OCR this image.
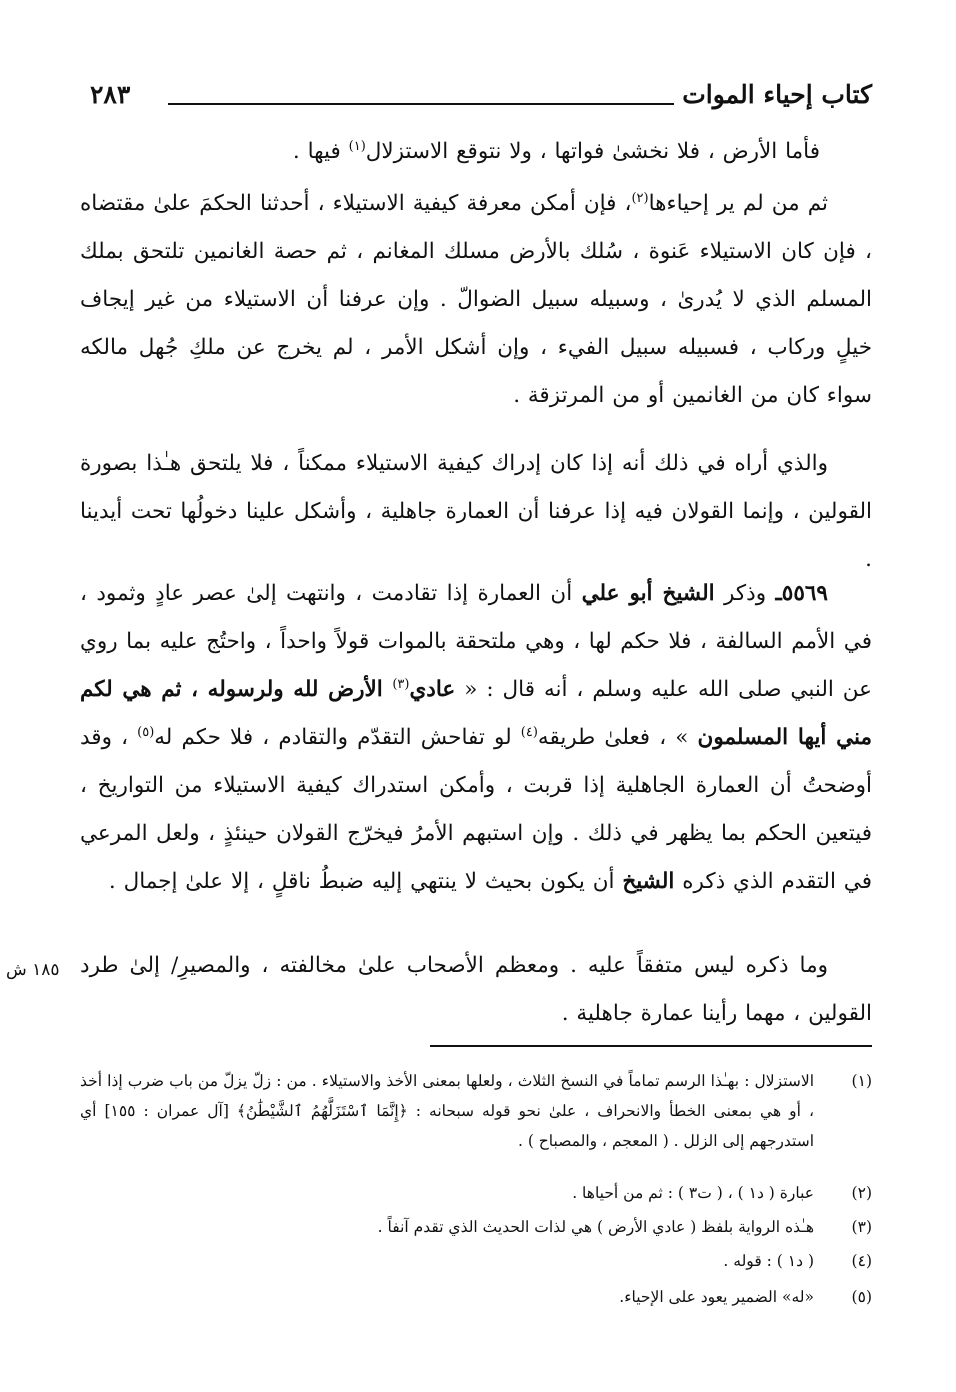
كتاب إحياء الموات
٢٨٣
فأما الأرض ، فلا نخشىٰ فواتها ، ولا نتوقع الاستزلال$^{(١)}$ فيها .
ثم من لم ير إحياءها$^{(٢)}$، فإن أمكن معرفة كيفية الاستيلاء ، أحدثنا الحكمَ علىٰ مقتضاه ، فإن كان الاستيلاء عَنوة ، سُلك بالأرض مسلك المغانم ، ثم حصة الغانمين تلتحق بملك المسلم الذي لا يُدرىٰ ، وسبيله سبيل الضوالّ . وإن عرفنا أن الاستيلاء من غير إيجاف خيلٍ وركاب ، فسبيله سبيل الفيء ، وإن أشكل الأمر ، لم يخرج عن ملكِ جُهل مالكه سواء كان من الغانمين أو من المرتزقة .
والذي أراه في ذلك أنه إذا كان إدراك كيفية الاستيلاء ممكناً ، فلا يلتحق هـٰذا بصورة القولين ، وإنما القولان فيه إذا عرفنا أن العمارة جاهلية ، وأشكل علينا دخولُها تحت أيدينا .
٥٥٦٩ـ وذكر الشيخ أبو علي أن العمارة إذا تقادمت ، وانتهت إلىٰ عصر عادٍ وثمود ، في الأمم السالفة ، فلا حكم لها ، وهي ملتحقة بالموات قولاً واحداً ، واحتُج عليه بما روي عن النبي صلى الله عليه وسلم ، أنه قال : « عادي$^{(٣)}$ الأرض لله ولرسوله ، ثم هي لكم مني أيها المسلمون » ، فعلىٰ طريقه$^{(٤)}$ لو تفاحش التقدّم والتقادم ، فلا حكم له$^{(٥)}$ ، وقد أوضحتُ أن العمارة الجاهلية إذا قربت ، وأمكن استدراك كيفية الاستيلاء من التواريخ ، فيتعين الحكم بما يظهر في ذلك . وإن استبهم الأمرُ فيخرّج القولان حينئذٍ ، ولعل المرعي في التقدم الذي ذكره الشيخ أن يكون بحيث لا ينتهي إليه ضبطُ ناقلٍ ، إلا علىٰ إجمال .
وما ذكره ليس متفقاً عليه . ومعظم الأصحاب علىٰ مخالفته ، والمصيرِ/ إلىٰ طرد القولين ، مهما رأينا عمارة جاهلية .
١٨٥ ش
(١)
الاستزلال : بهـٰذا الرسم تماماً في النسخ الثلاث ، ولعلها بمعنى الأخذ والاستيلاء . من : زلّ يزلّ من باب ضرب إذا أخذ ، أو هي بمعنى الخطأ والانحراف ، علىٰ نحو قوله سبحانه : ﴿إِنَّمَا ٱسْتَزَلَّهُمُ ٱلشَّيْطَٰنُ﴾ [آل عمران : ١٥٥] أي استدرجهم إلى الزلل . ( المعجم ، والمصباح ) .
(٢)
عبارة ( د١ ) ، ( ت٣ ) : ثم من أحياها .
(٣)
هـٰذه الرواية بلفظ ( عادي الأرض ) هي لذات الحديث الذي تقدم آنفاً .
(٤)
( د١ ) : قوله .
(٥)
«له» الضمير يعود على الإحياء.
